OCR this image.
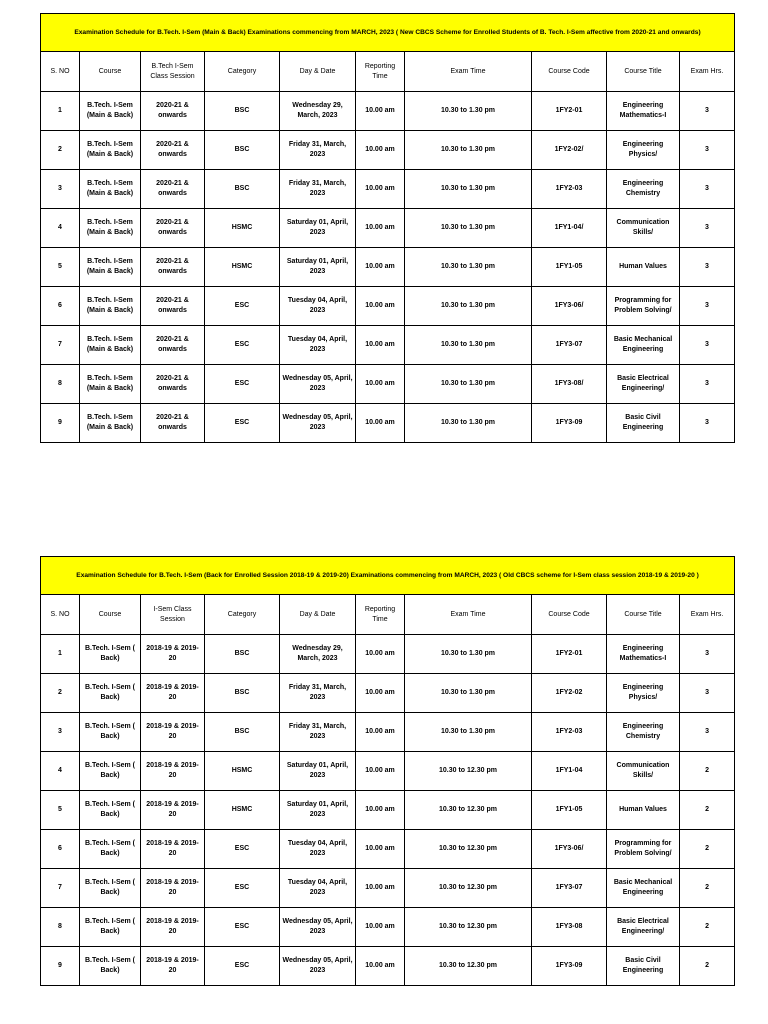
Examination Schedule for B.Tech. I-Sem (Main & Back) Examinations commencing from MARCH, 2023 ( New CBCS Scheme for Enrolled Students of B. Tech. I-Sem affective from 2020-21 and onwards)									
S. NO	Course	B.Tech I-Sem Class Session	Category	Day & Date	Reporting Time	Exam Time	Course Code	Course Title	Exam Hrs.
1	B.Tech. I-Sem (Main & Back)	2020-21 & onwards	BSC	Wednesday 29, March, 2023	10.00 am	10.30 to 1.30 pm	1FY2-01	Engineering Mathematics-I	3
2	B.Tech. I-Sem (Main & Back)	2020-21 & onwards	BSC	Friday 31, March, 2023	10.00 am	10.30 to 1.30 pm	1FY2-02/	Engineering Physics/	3
3	B.Tech. I-Sem (Main & Back)	2020-21 & onwards	BSC	Friday 31, March, 2023	10.00 am	10.30 to 1.30 pm	1FY2-03	Engineering Chemistry	3
4	B.Tech. I-Sem (Main & Back)	2020-21 & onwards	HSMC	Saturday 01, April, 2023	10.00 am	10.30 to 1.30 pm	1FY1-04/	Communication Skills/	3
5	B.Tech. I-Sem (Main & Back)	2020-21 & onwards	HSMC	Saturday 01, April, 2023	10.00 am	10.30 to 1.30 pm	1FY1-05	Human Values	3
6	B.Tech. I-Sem (Main & Back)	2020-21 & onwards	ESC	Tuesday 04, April, 2023	10.00 am	10.30 to 1.30 pm	1FY3-06/	Programming for Problem Solving/	3
7	B.Tech. I-Sem (Main & Back)	2020-21 & onwards	ESC	Tuesday 04, April, 2023	10.00 am	10.30 to 1.30 pm	1FY3-07	Basic Mechanical Engineering	3
8	B.Tech. I-Sem (Main & Back)	2020-21 & onwards	ESC	Wednesday 05, April, 2023	10.00 am	10.30 to 1.30 pm	1FY3-08/	Basic Electrical Engineering/	3
9	B.Tech. I-Sem (Main & Back)	2020-21 & onwards	ESC	Wednesday 05, April, 2023	10.00 am	10.30 to 1.30 pm	1FY3-09	Basic Civil Engineering	3
Examination Schedule for B.Tech. I-Sem (Back for Enrolled Session 2018-19 & 2019-20) Examinations commencing from MARCH, 2023 ( Old CBCS scheme for I-Sem class session 2018-19 & 2019-20 )									
S. NO	Course	I-Sem Class Session	Category	Day & Date	Reporting Time	Exam Time	Course Code	Course Title	Exam Hrs.
1	B.Tech. I-Sem ( Back)	2018-19 & 2019-20	BSC	Wednesday 29, March, 2023	10.00 am	10.30 to 1.30 pm	1FY2-01	Engineering Mathematics-I	3
2	B.Tech. I-Sem ( Back)	2018-19 & 2019-20	BSC	Friday 31, March, 2023	10.00 am	10.30 to 1.30 pm	1FY2-02	Engineering Physics/	3
3	B.Tech. I-Sem ( Back)	2018-19 & 2019-20	BSC	Friday 31, March, 2023	10.00 am	10.30 to 1.30 pm	1FY2-03	Engineering Chemistry	3
4	B.Tech. I-Sem ( Back)	2018-19 & 2019-20	HSMC	Saturday 01, April, 2023	10.00 am	10.30 to 12.30 pm	1FY1-04	Communication Skills/	2
5	B.Tech. I-Sem ( Back)	2018-19 & 2019-20	HSMC	Saturday 01, April, 2023	10.00 am	10.30 to 12.30 pm	1FY1-05	Human Values	2
6	B.Tech. I-Sem ( Back)	2018-19 & 2019-20	ESC	Tuesday 04, April, 2023	10.00 am	10.30 to 12.30 pm	1FY3-06/	Programming for Problem Solving/	2
7	B.Tech. I-Sem ( Back)	2018-19 & 2019-20	ESC	Tuesday 04, April, 2023	10.00 am	10.30 to 12.30 pm	1FY3-07	Basic Mechanical Engineering	2
8	B.Tech. I-Sem ( Back)	2018-19 & 2019-20	ESC	Wednesday 05, April, 2023	10.00 am	10.30 to 12.30 pm	1FY3-08	Basic Electrical Engineering/	2
9	B.Tech. I-Sem ( Back)	2018-19 & 2019-20	ESC	Wednesday 05, April, 2023	10.00 am	10.30 to 12.30 pm	1FY3-09	Basic Civil Engineering	2
